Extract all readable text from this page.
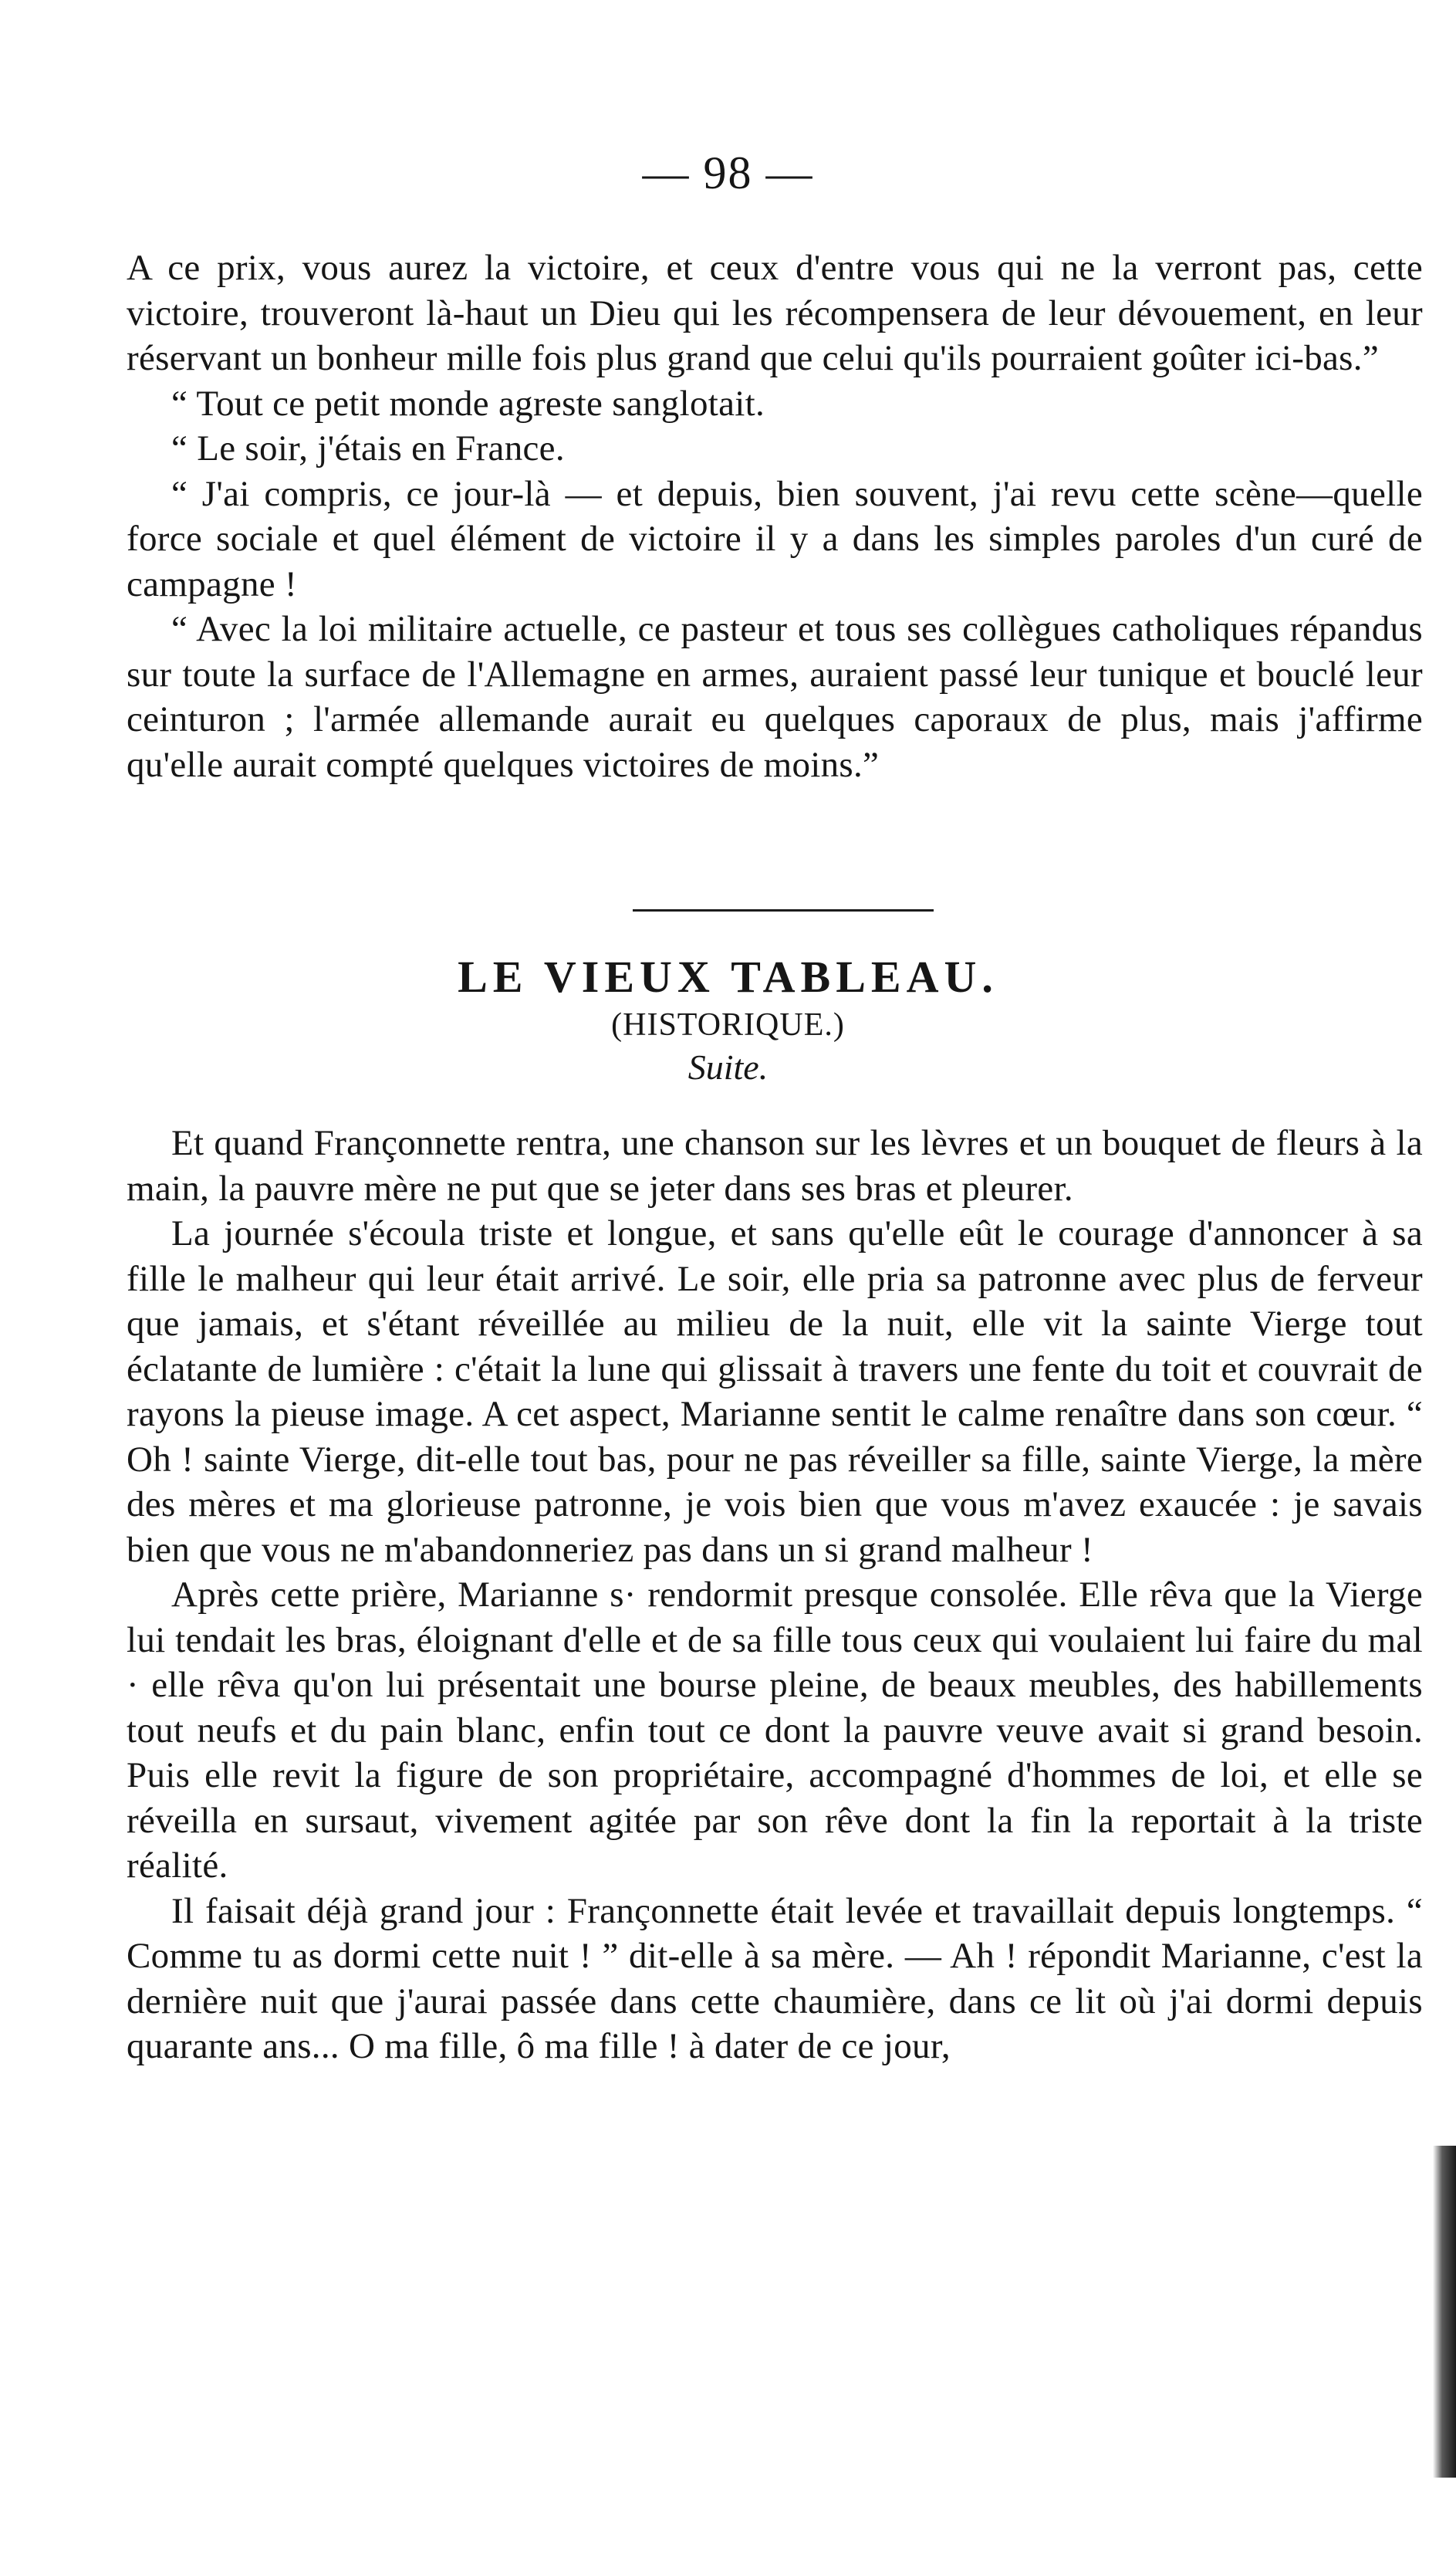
— 98 —

A ce prix, vous aurez la victoire, et ceux d'entre vous qui ne la verront pas, cette victoire, trouveront là-haut un Dieu qui les récompensera de leur dévouement, en leur réservant un bonheur mille fois plus grand que celui qu'ils pourraient goûter ici-bas.”

“ Tout ce petit monde agreste sanglotait.

“ Le soir, j'étais en France.

“ J'ai compris, ce jour-là — et depuis, bien souvent, j'ai revu cette scène—quelle force sociale et quel élément de victoire il y a dans les simples paroles d'un curé de campagne !

“ Avec la loi militaire actuelle, ce pasteur et tous ses collègues catholiques répandus sur toute la surface de l'Allemagne en armes, auraient passé leur tunique et bouclé leur ceinturon ; l'armée allemande aurait eu quelques caporaux de plus, mais j'affirme qu'elle aurait compté quelques victoires de moins.”

LE VIEUX TABLEAU.
(HISTORIQUE.)
Suite.

Et quand Françonnette rentra, une chanson sur les lèvres et un bouquet de fleurs à la main, la pauvre mère ne put que se jeter dans ses bras et pleurer.

La journée s'écoula triste et longue, et sans qu'elle eût le courage d'annoncer à sa fille le malheur qui leur était arrivé. Le soir, elle pria sa patronne avec plus de ferveur que jamais, et s'étant réveillée au milieu de la nuit, elle vit la sainte Vierge tout éclatante de lumière : c'était la lune qui glissait à travers une fente du toit et couvrait de rayons la pieuse image. A cet aspect, Marianne sentit le calme renaître dans son cœur. “ Oh ! sainte Vierge, dit-elle tout bas, pour ne pas réveiller sa fille, sainte Vierge, la mère des mères et ma glorieuse patronne, je vois bien que vous m'avez exaucée : je savais bien que vous ne m'abandonneriez pas dans un si grand malheur !

Après cette prière, Marianne s· rendormit presque consolée. Elle rêva que la Vierge lui tendait les bras, éloignant d'elle et de sa fille tous ceux qui voulaient lui faire du mal · elle rêva qu'on lui présentait une bourse pleine, de beaux meubles, des habillements tout neufs et du pain blanc, enfin tout ce dont la pauvre veuve avait si grand besoin. Puis elle revit la figure de son propriétaire, accompagné d'hommes de loi, et elle se réveilla en sursaut, vivement agitée par son rêve dont la fin la reportait à la triste réalité.

Il faisait déjà grand jour : Françonnette était levée et travaillait depuis longtemps. “ Comme tu as dormi cette nuit ! ” dit-elle à sa mère. — Ah ! répondit Marianne, c'est la dernière nuit que j'aurai passée dans cette chaumière, dans ce lit où j'ai dormi depuis quarante ans... O ma fille, ô ma fille ! à dater de ce jour,
